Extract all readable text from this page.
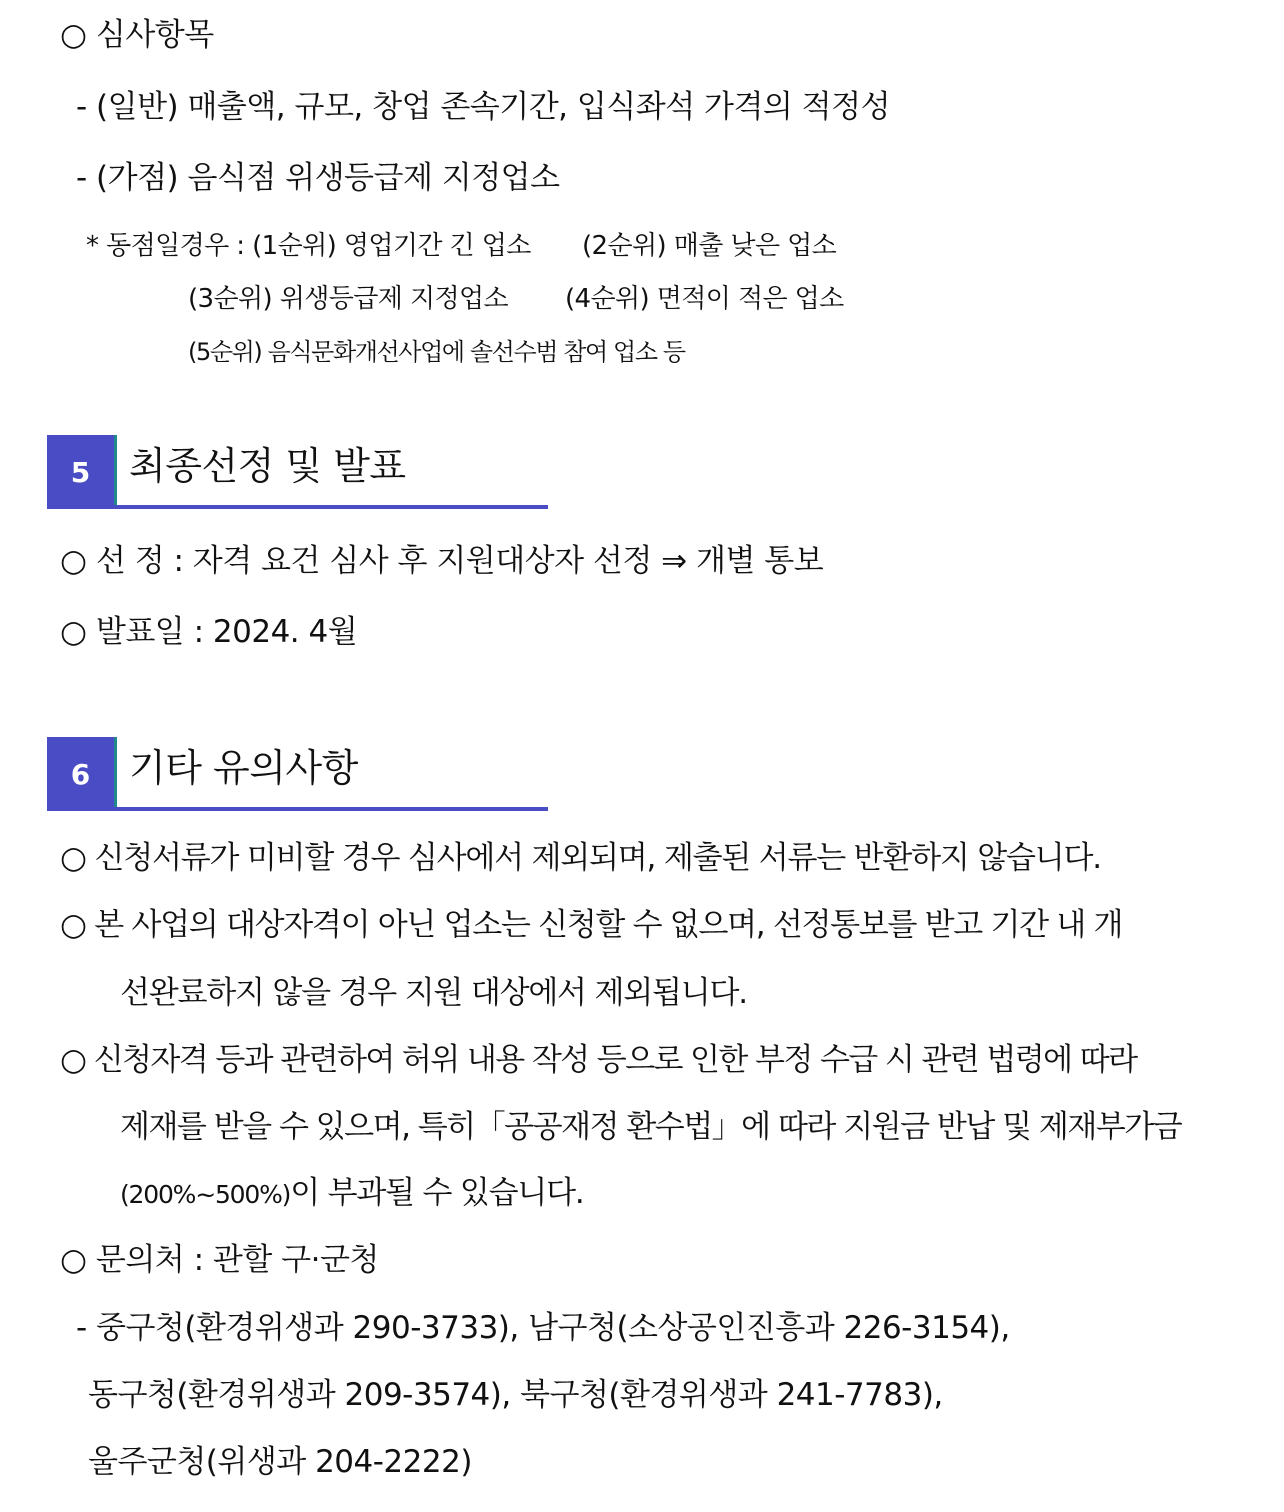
○ 심사항목
- (일반) 매출액, 규모, 창업 존속기간, 입식좌석 가격의 적정성
- (가점) 음식점 위생등급제 지정업소
* 동점일경우 : (1순위) 영업기간 긴 업소 (2순위) 매출 낮은 업소
(3순위) 위생등급제 지정업소 (4순위) 면적이 적은 업소
(5순위) 음식문화개선사업에 솔선수범 참여 업소 등
5	최종선정 및 발표
○ 선 정 : 자격 요건 심사 후 지원대상자 선정 ⇒ 개별 통보
○ 발표일 : 2024. 4월
6	기타 유의사항
○ 신청서류가 미비할 경우 심사에서 제외되며, 제출된 서류는 반환하지 않습니다.
○ 본 사업의 대상자격이 아닌 업소는 신청할 수 없으며, 선정통보를 받고 기간 내 개
선완료하지 않을 경우 지원 대상에서 제외됩니다.
○ 신청자격 등과 관련하여 허위 내용 작성 등으로 인한 부정 수급 시 관련 법령에 따라
제재를 받을 수 있으며, 특히「공공재정 환수법」에 따라 지원금 반납 및 제재부가금
(200%~500%)이 부과될 수 있습니다.
○ 문의처 : 관할 구·군청
- 중구청(환경위생과 290-3733), 남구청(소상공인진흥과 226-3154),
동구청(환경위생과 209-3574), 북구청(환경위생과 241-7783),
울주군청(위생과 204-2222)
